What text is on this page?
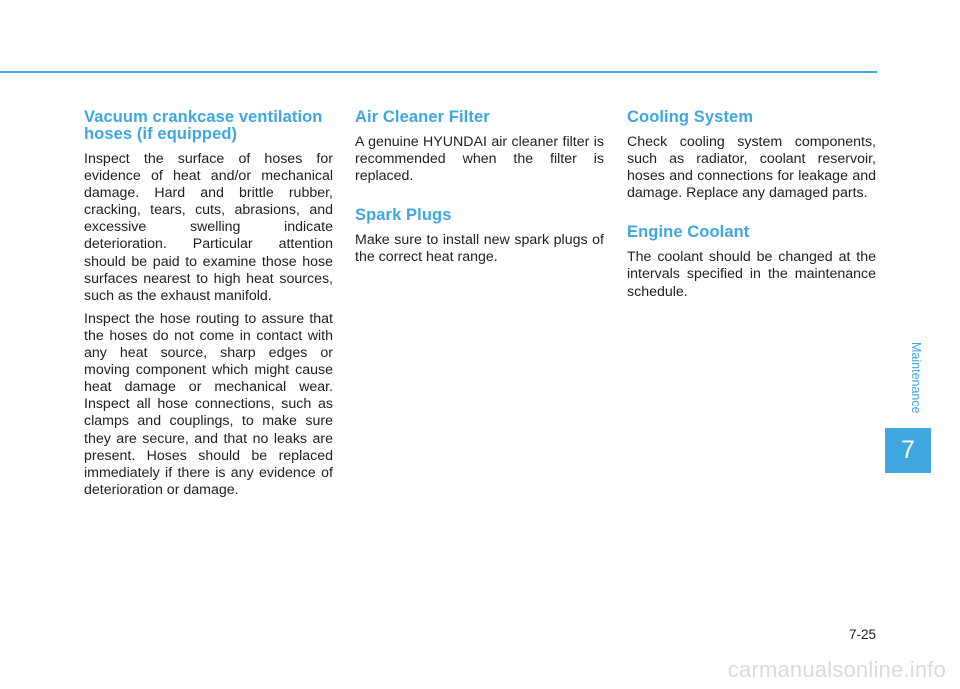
Vacuum crankcase ventilation hoses (if equipped)

Inspect the surface of hoses for evidence of heat and/or mechanical damage. Hard and brittle rubber, cracking, tears, cuts, abrasions, and excessive swelling indicate deterioration. Particular attention should be paid to examine those hose surfaces nearest to high heat sources, such as the exhaust manifold.

Inspect the hose routing to assure that the hoses do not come in contact with any heat source, sharp edges or moving component which might cause heat damage or mechanical wear. Inspect all hose connections, such as clamps and couplings, to make sure they are secure, and that no leaks are present. Hoses should be replaced immediately if there is any evidence of deterioration or damage.

Air Cleaner Filter

A genuine HYUNDAI air cleaner filter is recommended when the filter is replaced.

Spark Plugs

Make sure to install new spark plugs of the correct heat range.

Cooling System

Check cooling system components, such as radiator, coolant reservoir, hoses and connections for leakage and damage. Replace any damaged parts.

Engine Coolant

The coolant should be changed at the intervals specified in the maintenance schedule.

Maintenance
7
7-25
carmanualsonline.info
